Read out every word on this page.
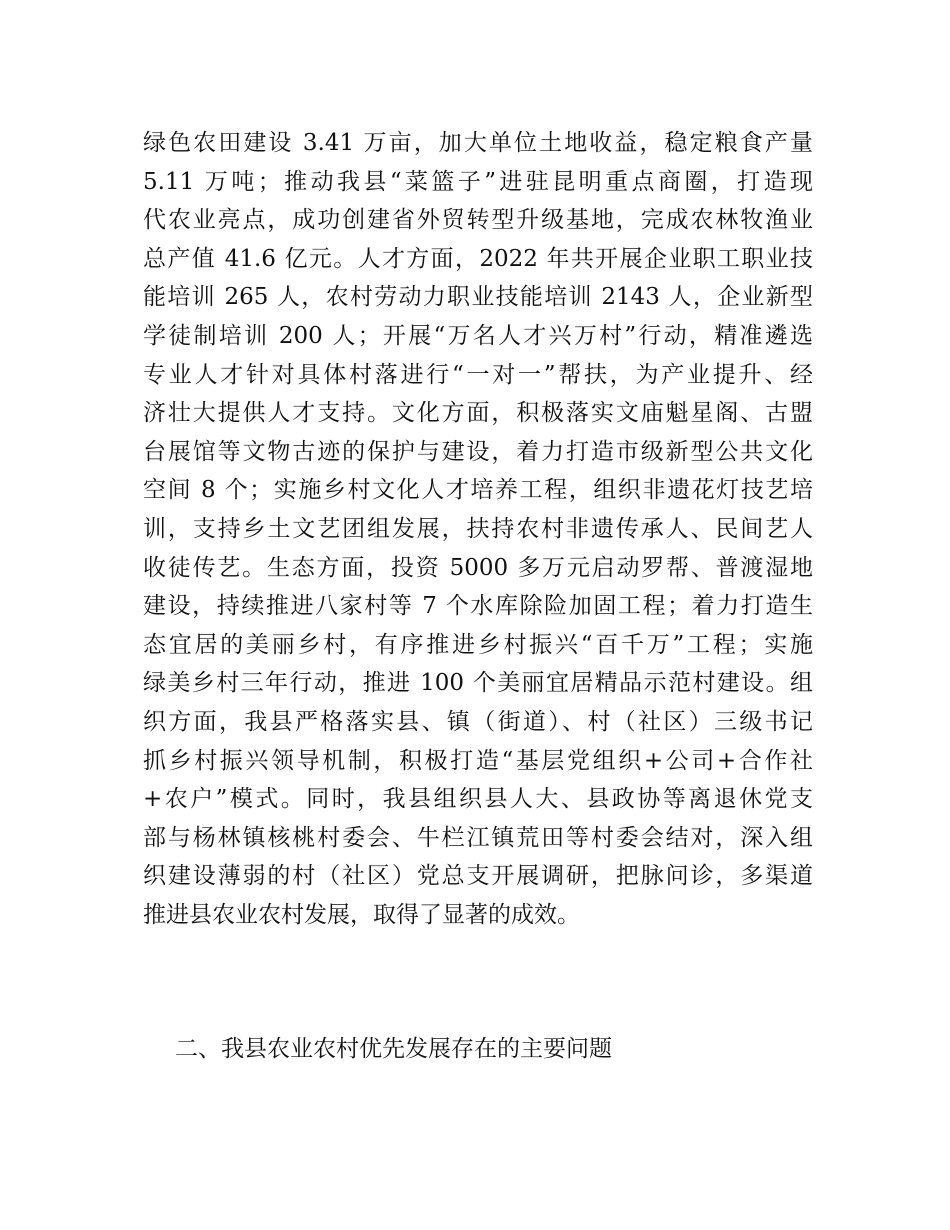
绿色农田建设 3.41 万亩，加大单位土地收益，稳定粮食产量
5.11 万吨；推动我县“菜篮子”进驻昆明重点商圈，打造现
代农业亮点，成功创建省外贸转型升级基地，完成农林牧渔业
总产值 41.6 亿元。人才方面，2022 年共开展企业职工职业技
能培训 265 人，农村劳动力职业技能培训 2143 人，企业新型
学徒制培训 200 人；开展“万名人才兴万村”行动，精准遴选
专业人才针对具体村落进行“一对一”帮扶，为产业提升、经
济壮大提供人才支持。文化方面，积极落实文庙魁星阁、古盟
台展馆等文物古迹的保护与建设，着力打造市级新型公共文化
空间 8 个；实施乡村文化人才培养工程，组织非遗花灯技艺培
训，支持乡土文艺团组发展，扶持农村非遗传承人、民间艺人
收徒传艺。生态方面，投资 5000 多万元启动罗帮、普渡湿地
建设，持续推进八家村等 7 个水库除险加固工程；着力打造生
态宜居的美丽乡村，有序推进乡村振兴“百千万”工程；实施
绿美乡村三年行动，推进 100 个美丽宜居精品示范村建设。组
织方面，我县严格落实县、镇（街道）、村（社区）三级书记
抓乡村振兴领导机制，积极打造“基层党组织+公司+合作社
+农户”模式。同时，我县组织县人大、县政协等离退休党支
部与杨林镇核桃村委会、牛栏江镇荒田等村委会结对，深入组
织建设薄弱的村（社区）党总支开展调研，把脉问诊，多渠道
推进县农业农村发展，取得了显著的成效。
二、我县农业农村优先发展存在的主要问题
